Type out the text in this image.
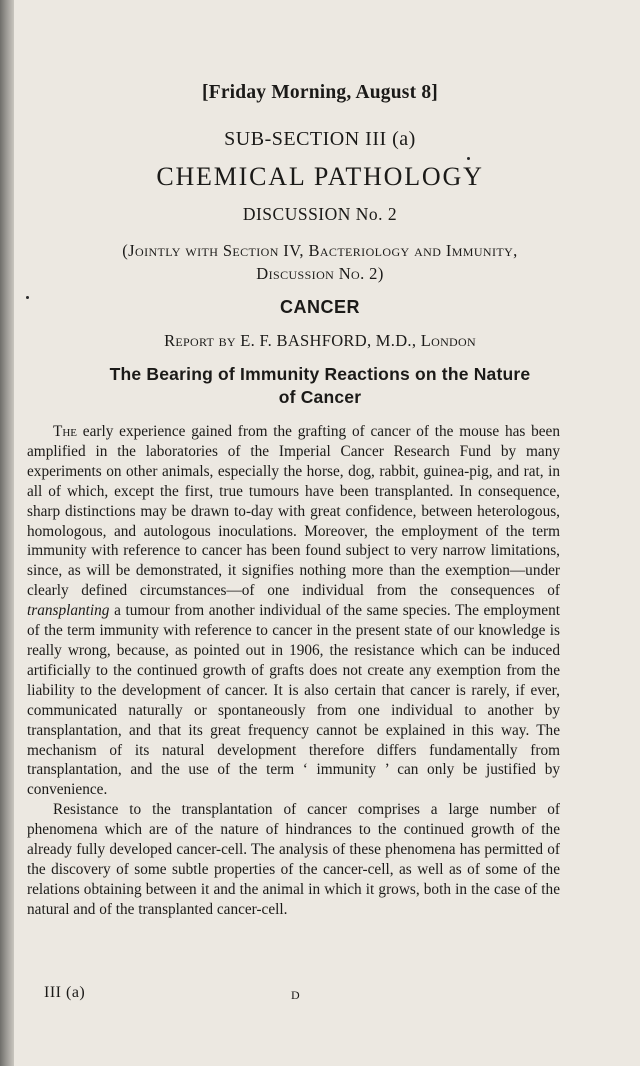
[Friday Morning, August 8]
SUB-SECTION III (a)
CHEMICAL PATHOLOGY
DISCUSSION No. 2
(Jointly with Section IV, Bacteriology and Immunity,
Discussion No. 2)
CANCER
Report by E. F. BASHFORD, M.D., London
The Bearing of Immunity Reactions on the Nature
of Cancer

The early experience gained from the grafting of cancer of the mouse has been amplified in the laboratories of the Imperial Cancer Research Fund by many experiments on other animals, especially the horse, dog, rabbit, guinea-pig, and rat, in all of which, except the first, true tumours have been transplanted. In consequence, sharp distinctions may be drawn to-day with great confidence, between heterologous, homologous, and autologous inoculations. Moreover, the employment of the term immunity with reference to cancer has been found subject to very narrow limitations, since, as will be demonstrated, it signifies nothing more than the exemption—under clearly defined circumstances—of one individual from the consequences of transplanting a tumour from another individual of the same species. The employment of the term immunity with reference to cancer in the present state of our knowledge is really wrong, because, as pointed out in 1906, the resistance which can be induced artificially to the continued growth of grafts does not create any exemption from the liability to the development of cancer. It is also certain that cancer is rarely, if ever, communicated naturally or spontaneously from one individual to another by transplantation, and that its great frequency cannot be explained in this way. The mechanism of its natural development therefore differs fundamentally from transplantation, and the use of the term ‘ immunity ’ can only be justified by convenience.

Resistance to the transplantation of cancer comprises a large number of phenomena which are of the nature of hindrances to the continued growth of the already fully developed cancer-cell. The analysis of these phenomena has permitted of the discovery of some subtle properties of the cancer-cell, as well as of some of the relations obtaining between it and the animal in which it grows, both in the case of the natural and of the transplanted cancer-cell.

III (a)	D
